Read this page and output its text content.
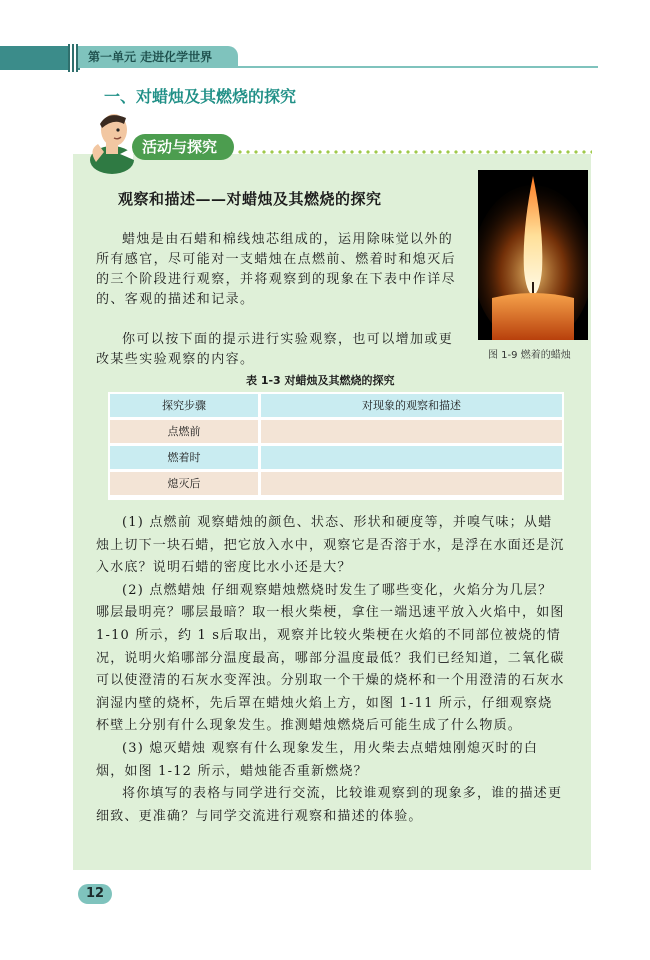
第一单元 走进化学世界
一、对蜡烛及其燃烧的探究
活动与探究
观察和描述——对蜡烛及其燃烧的探究
蜡烛是由石蜡和棉线烛芯组成的，运用除味觉以外的所有感官，尽可能对一支蜡烛在点燃前、燃着时和熄灭后的三个阶段进行观察，并将观察到的现象在下表中作详尽的、客观的描述和记录。
你可以按下面的提示进行实验观察，也可以增加或更改某些实验观察的内容。	图 1-9 燃着的蜡烛
表 1-3 对蜡烛及其燃烧的探究
探究步骤	对现象的观察和描述
点燃前
燃着时
熄灭后

(1) 点燃前 观察蜡烛的颜色、状态、形状和硬度等，并嗅气味；从蜡烛上切下一块石蜡，把它放入水中，观察它是否溶于水，是浮在水面还是沉入水底？说明石蜡的密度比水小还是大？

(2) 点燃蜡烛 仔细观察蜡烛燃烧时发生了哪些变化，火焰分为几层？哪层最明亮？哪层最暗？取一根火柴梗，拿住一端迅速平放入火焰中，如图 1-10 所示，约 1 s后取出，观察并比较火柴梗在火焰的不同部位被烧的情况，说明火焰哪部分温度最高，哪部分温度最低？我们已经知道，二氧化碳可以使澄清的石灰水变浑浊。分别取一个干燥的烧杯和一个用澄清的石灰水润湿内壁的烧杯，先后罩在蜡烛火焰上方，如图 1-11 所示，仔细观察烧杯壁上分别有什么现象发生。推测蜡烛燃烧后可能生成了什么物质。

(3) 熄灭蜡烛 观察有什么现象发生，用火柴去点蜡烛刚熄灭时的白烟，如图 1-12 所示，蜡烛能否重新燃烧？

将你填写的表格与同学进行交流，比较谁观察到的现象多，谁的描述更细致、更准确？与同学交流进行观察和描述的体验。

12
